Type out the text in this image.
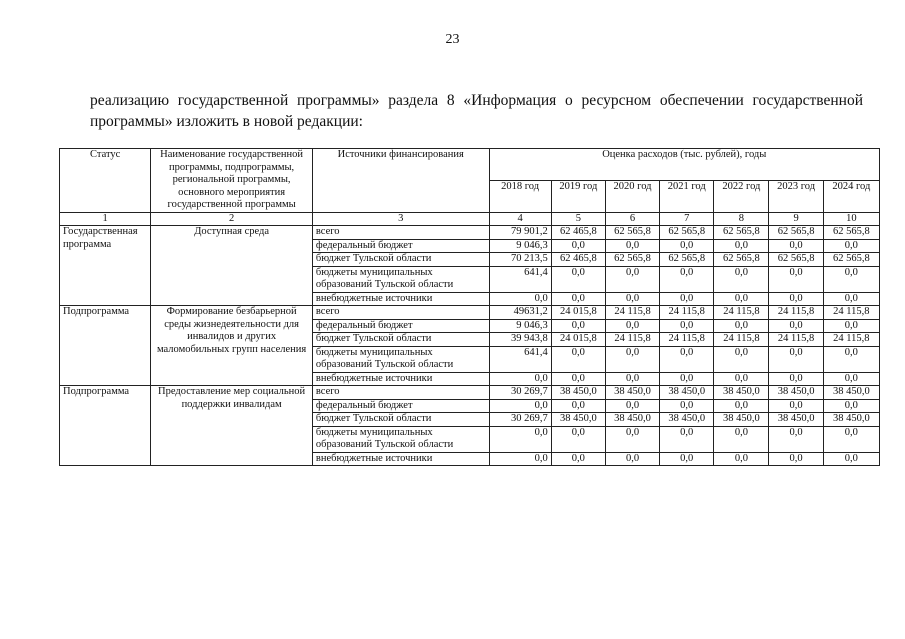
23
реализацию государственной программы» раздела 8 «Информация о ресурсном обеспечении государственной программы» изложить в новой редакции:
Статус	Наименование государственной программы, подпрограммы, региональной программы, основного мероприятия государственной программы	Источники финансирования	Оценка расходов (тыс. рублей), годы						
			2018 год	2019 год	2020 год	2021 год	2022 год	2023 год	2024 год
1	2	3	4	5	6	7	8	9	10
Государственная программа	Доступная среда	всего	79 901,2	62 465,8	62 565,8	62 565,8	62 565,8	62 565,8	62 565,8
		федеральный бюджет	9 046,3	0,0	0,0	0,0	0,0	0,0	0,0
		бюджет Тульской области	70 213,5	62 465,8	62 565,8	62 565,8	62 565,8	62 565,8	62 565,8
		бюджеты муниципальных образований Тульской области	641,4	0,0	0,0	0,0	0,0	0,0	0,0
		внебюджетные источники	0,0	0,0	0,0	0,0	0,0	0,0	0,0
Подпрограмма	Формирование безбарьерной среды жизнедеятельности для инвалидов и других маломобильных групп населения	всего	49631,2	24 015,8	24 115,8	24 115,8	24 115,8	24 115,8	24 115,8
		федеральный бюджет	9 046,3	0,0	0,0	0,0	0,0	0,0	0,0
		бюджет Тульской области	39 943,8	24 015,8	24 115,8	24 115,8	24 115,8	24 115,8	24 115,8
		бюджеты муниципальных образований Тульской области	641,4	0,0	0,0	0,0	0,0	0,0	0,0
		внебюджетные источники	0,0	0,0	0,0	0,0	0,0	0,0	0,0
Подпрограмма	Предоставление мер социальной поддержки инвалидам	всего	30 269,7	38 450,0	38 450,0	38 450,0	38 450,0	38 450,0	38 450,0
		федеральный бюджет	0,0	0,0	0,0	0,0	0,0	0,0	0,0
		бюджет Тульской области	30 269,7	38 450,0	38 450,0	38 450,0	38 450,0	38 450,0	38 450,0
		бюджеты муниципальных образований Тульской области	0,0	0,0	0,0	0,0	0,0	0,0	0,0
		внебюджетные источники	0,0	0,0	0,0	0,0	0,0	0,0	0,0
